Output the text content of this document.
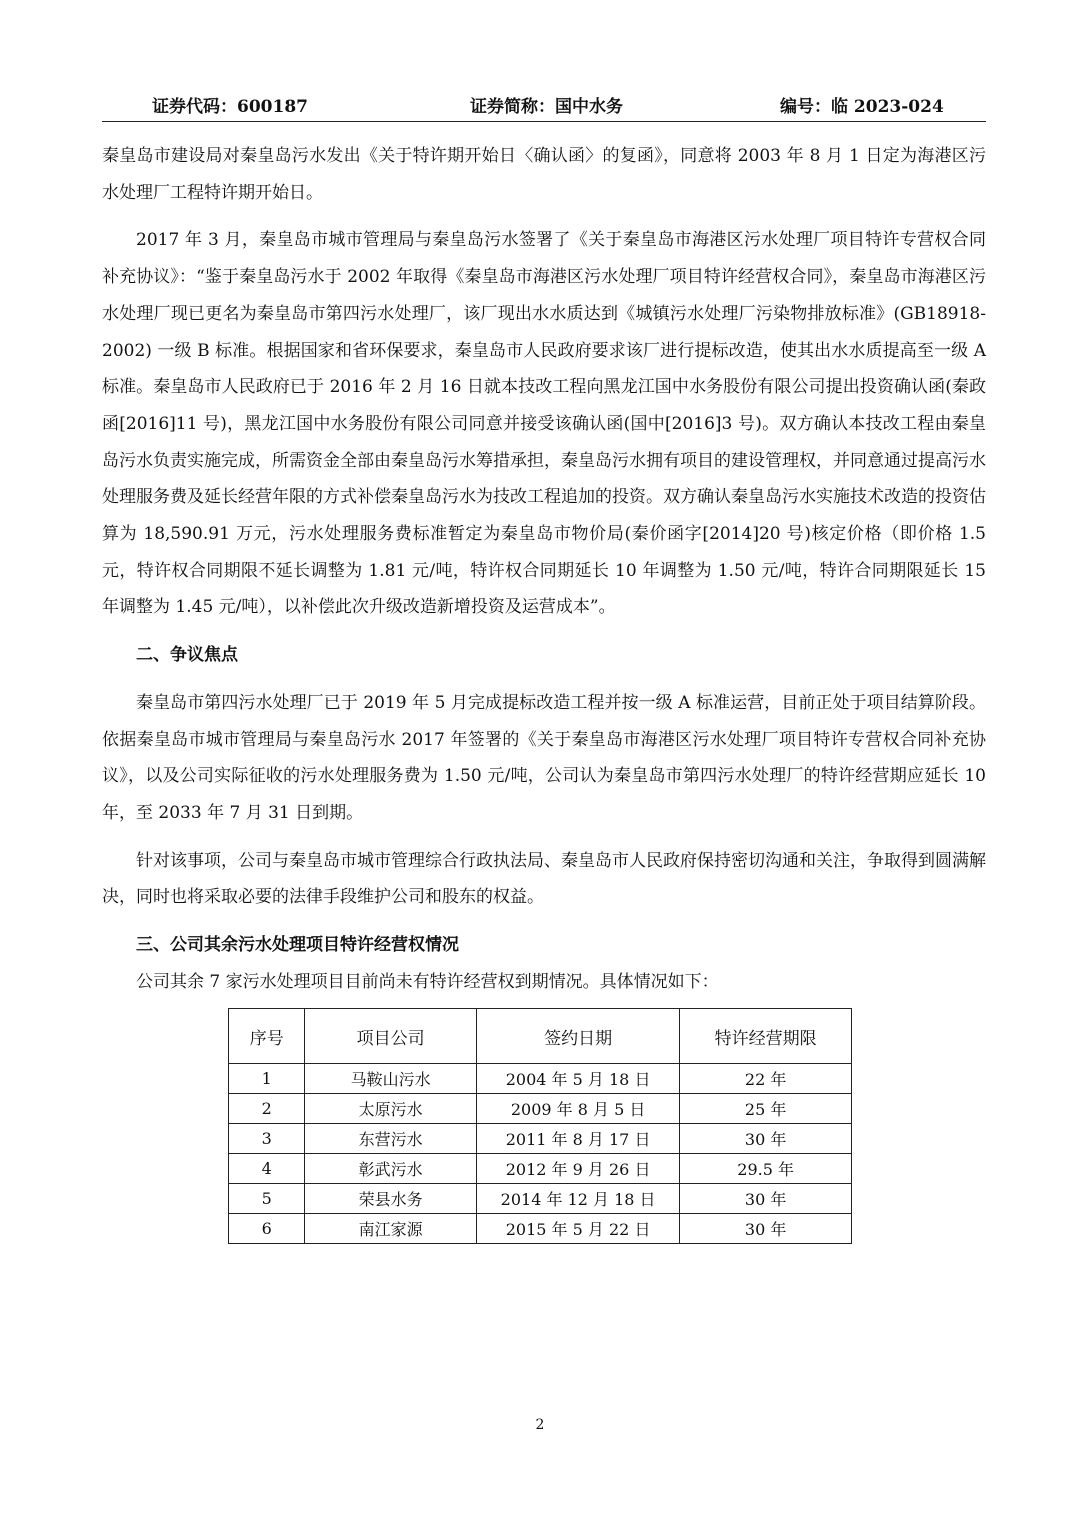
证券代码：600187	证券简称：国中水务	编号：临 2023-024

秦皇岛市建设局对秦皇岛污水发出《关于特许期开始日〈确认函〉的复函》，同意将 2003 年 8 月 1 日定为海港区污水处理厂工程特许期开始日。

2017 年 3 月，秦皇岛市城市管理局与秦皇岛污水签署了《关于秦皇岛市海港区污水处理厂项目特许专营权合同补充协议》：“鉴于秦皇岛污水于 2002 年取得《秦皇岛市海港区污水处理厂项目特许经营权合同》，秦皇岛市海港区污水处理厂现已更名为秦皇岛市第四污水处理厂，该厂现出水水质达到《城镇污水处理厂污染物排放标准》(GB18918-2002) 一级 B 标准。根据国家和省环保要求，秦皇岛市人民政府要求该厂进行提标改造，使其出水水质提高至一级 A 标准。秦皇岛市人民政府已于 2016 年 2 月 16 日就本技改工程向黑龙江国中水务股份有限公司提出投资确认函(秦政函[2016]11 号)，黑龙江国中水务股份有限公司同意并接受该确认函(国中[2016]3 号)。双方确认本技改工程由秦皇岛污水负责实施完成，所需资金全部由秦皇岛污水筹措承担，秦皇岛污水拥有项目的建设管理权，并同意通过提高污水处理服务费及延长经营年限的方式补偿秦皇岛污水为技改工程追加的投资。双方确认秦皇岛污水实施技术改造的投资估算为 18,590.91 万元，污水处理服务费标准暂定为秦皇岛市物价局(秦价函字[2014]20 号)核定价格（即价格 1.5 元，特许权合同期限不延长调整为 1.81 元/吨，特许权合同期延长 10 年调整为 1.50 元/吨，特许合同期限延长 15 年调整为 1.45 元/吨），以补偿此次升级改造新增投资及运营成本”。

二、争议焦点

秦皇岛市第四污水处理厂已于 2019 年 5 月完成提标改造工程并按一级 A 标准运营，目前正处于项目结算阶段。依据秦皇岛市城市管理局与秦皇岛污水 2017 年签署的《关于秦皇岛市海港区污水处理厂项目特许专营权合同补充协议》，以及公司实际征收的污水处理服务费为 1.50 元/吨，公司认为秦皇岛市第四污水处理厂的特许经营期应延长 10 年，至 2033 年 7 月 31 日到期。

针对该事项，公司与秦皇岛市城市管理综合行政执法局、秦皇岛市人民政府保持密切沟通和关注，争取得到圆满解决，同时也将采取必要的法律手段维护公司和股东的权益。

三、公司其余污水处理项目特许经营权情况

公司其余 7 家污水处理项目目前尚未有特许经营权到期情况。具体情况如下：

序号	项目公司	签约日期	特许经营期限
1	马鞍山污水	2004 年 5 月 18 日	22 年
2	太原污水	2009 年 8 月 5 日	25 年
3	东营污水	2011 年 8 月 17 日	30 年
4	彰武污水	2012 年 9 月 26 日	29.5 年
5	荣县水务	2014 年 12 月 18 日	30 年
6	南江家源	2015 年 5 月 22 日	30 年
2
